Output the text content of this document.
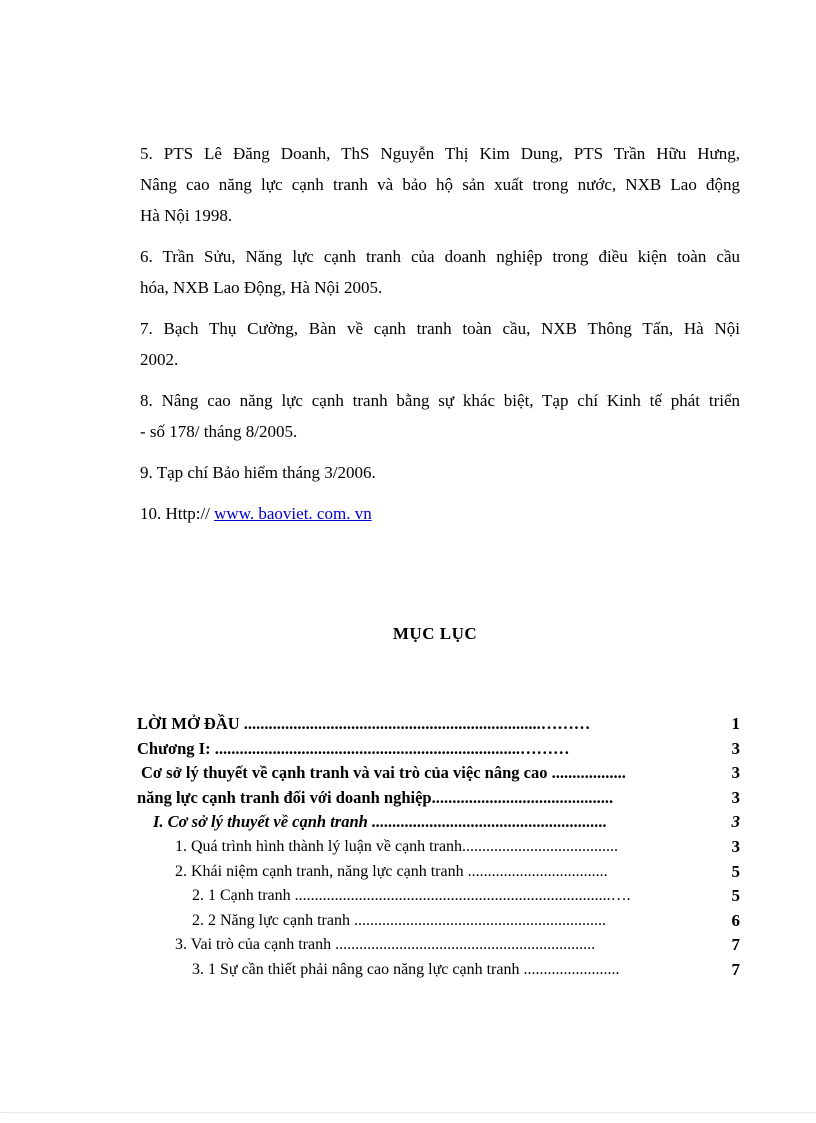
5. PTS Lê Đăng Doanh, ThS Nguyễn Thị Kim Dung, PTS Trần Hữu Hưng,
Nâng cao năng lực cạnh tranh và bảo hộ sản xuất trong nước, NXB Lao động
Hà Nội 1998.
6. Trần Sửu, Năng lực cạnh tranh của doanh nghiệp trong điều kiện toàn cầu
hóa, NXB Lao Động, Hà Nội 2005.
7. Bạch Thụ Cường, Bàn về cạnh tranh toàn cầu, NXB Thông Tấn, Hà Nội
2002.
8. Nâng cao năng lực cạnh tranh bằng sự khác biệt, Tạp chí Kinh tế phát triển
- số 178/ tháng 8/2005.
9. Tạp chí Bảo hiểm tháng 3/2006.
10. Http:// www. baoviet. com. vn
MỤC LỤC
LỜI MỞ ĐẦU ........................................................................………	1
Chương I: ..........................................................................………	3
Cơ sở lý thuyết về cạnh tranh và vai trò của việc nâng cao ..................	3
năng lực cạnh tranh đối với doanh nghiệp............................................	3
I. Cơ sở lý thuyết về cạnh tranh .........................................................	3
1. Quá trình hình thành lý luận về cạnh tranh.......................................	3
2. Khái niệm cạnh tranh, năng lực cạnh tranh ...................................	5
2. 1 Cạnh tranh ...............................................................................….	5
2. 2 Năng lực cạnh tranh ...............................................................	6
3. Vai trò của cạnh tranh .................................................................	7
3. 1 Sự cần thiết phải nâng cao năng lực cạnh tranh ........................	7
